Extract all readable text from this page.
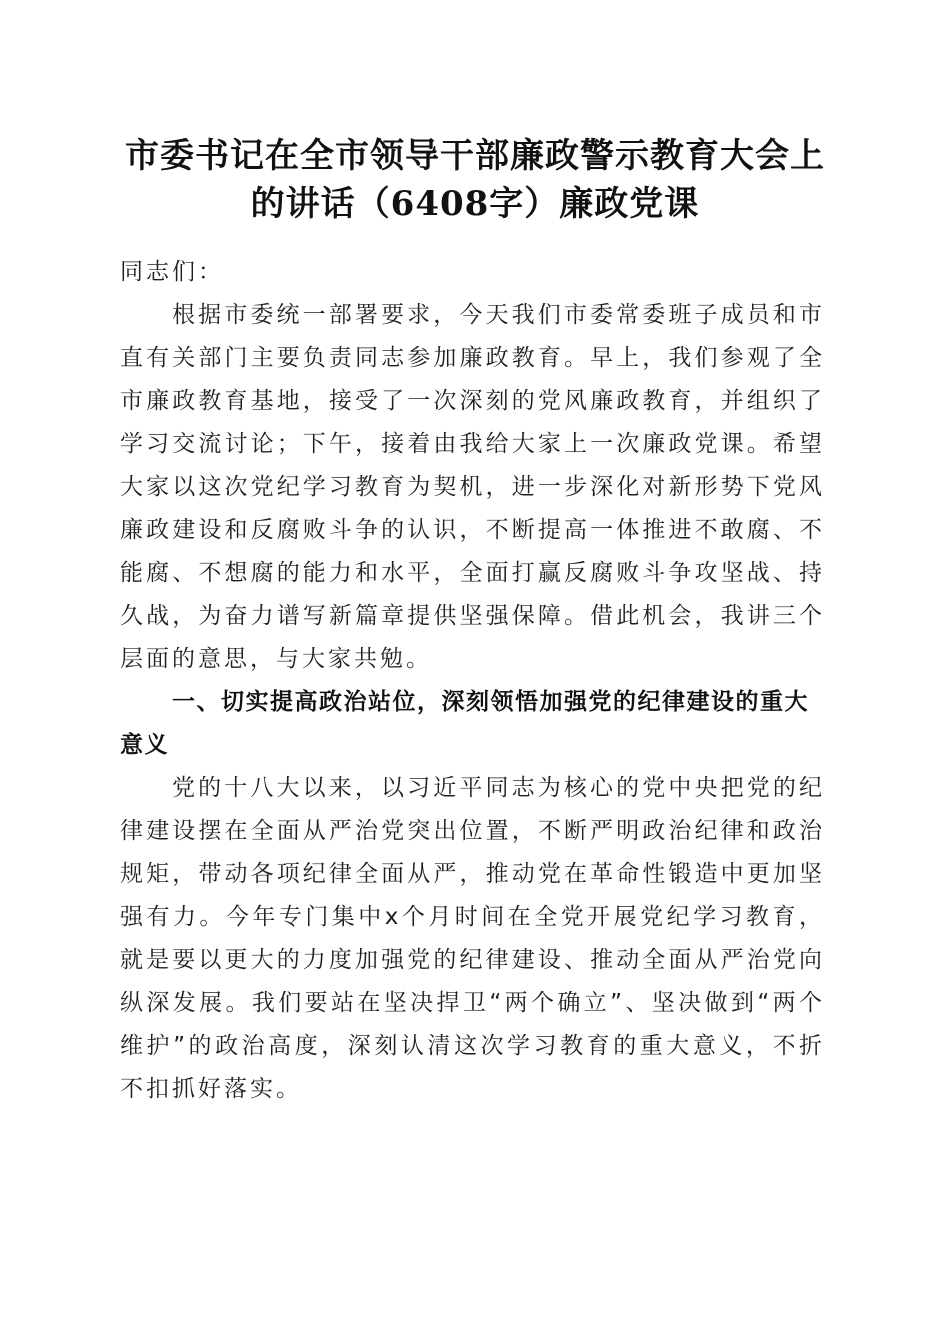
市委书记在全市领导干部廉政警示教育大会上
的讲话（6408字）廉政党课

同志们：

根据市委统一部署要求，今天我们市委常委班子成员和市直有关部门主要负责同志参加廉政教育。早上，我们参观了全市廉政教育基地，接受了一次深刻的党风廉政教育，并组织了学习交流讨论；下午，接着由我给大家上一次廉政党课。希望大家以这次党纪学习教育为契机，进一步深化对新形势下党风廉政建设和反腐败斗争的认识，不断提高一体推进不敢腐、不能腐、不想腐的能力和水平，全面打赢反腐败斗争攻坚战、持久战，为奋力谱写新篇章提供坚强保障。借此机会，我讲三个层面的意思，与大家共勉。

一、切实提高政治站位，深刻领悟加强党的纪律建设的重大意义

党的十八大以来，以习近平同志为核心的党中央把党的纪律建设摆在全面从严治党突出位置，不断严明政治纪律和政治规矩，带动各项纪律全面从严，推动党在革命性锻造中更加坚强有力。今年专门集中x个月时间在全党开展党纪学习教育，就是要以更大的力度加强党的纪律建设、推动全面从严治党向纵深发展。我们要站在坚决捍卫“两个确立”、坚决做到“两个维护”的政治高度，深刻认清这次学习教育的重大意义，不折不扣抓好落实。
